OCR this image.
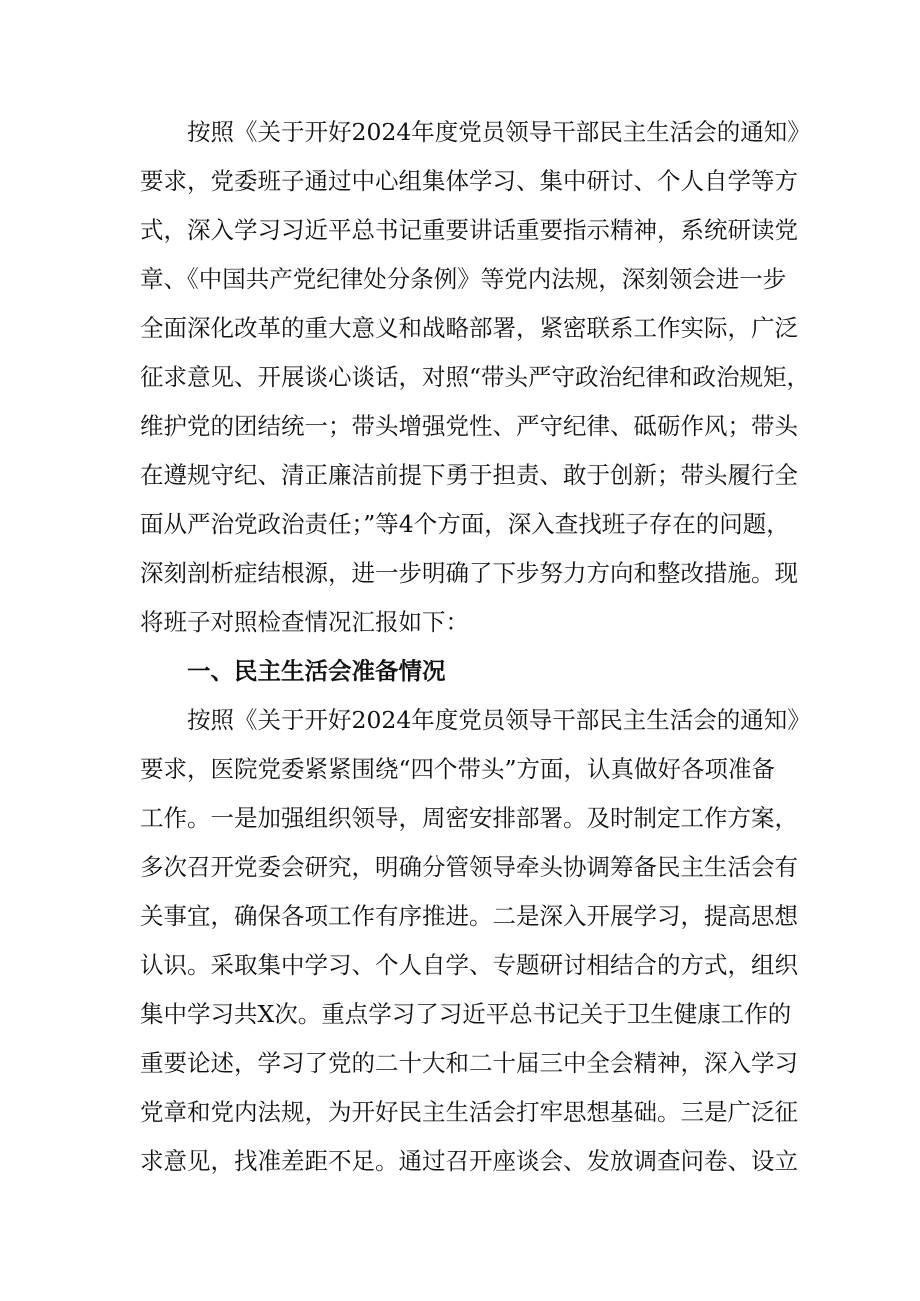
按照《关于开好2024年度党员领导干部民主生活会的通知》
要求，党委班子通过中心组集体学习、集中研讨、个人自学等方
式，深入学习习近平总书记重要讲话重要指示精神，系统研读党
章、《中国共产党纪律处分条例》等党内法规，深刻领会进一步
全面深化改革的重大意义和战略部署，紧密联系工作实际，广泛
征求意见、开展谈心谈话，对照“带头严守政治纪律和政治规矩，
维护党的团结统一；带头增强党性、严守纪律、砥砺作风；带头
在遵规守纪、清正廉洁前提下勇于担责、敢于创新；带头履行全
面从严治党政治责任；”等4个方面，深入查找班子存在的问题，
深刻剖析症结根源，进一步明确了下步努力方向和整改措施。现
将班子对照检查情况汇报如下：
一、民主生活会准备情况
按照《关于开好2024年度党员领导干部民主生活会的通知》
要求，医院党委紧紧围绕“四个带头”方面，认真做好各项准备
工作。一是加强组织领导，周密安排部署。及时制定工作方案，
多次召开党委会研究，明确分管领导牵头协调筹备民主生活会有
关事宜，确保各项工作有序推进。二是深入开展学习，提高思想
认识。采取集中学习、个人自学、专题研讨相结合的方式，组织
集中学习共X次。重点学习了习近平总书记关于卫生健康工作的
重要论述，学习了党的二十大和二十届三中全会精神，深入学习
党章和党内法规，为开好民主生活会打牢思想基础。三是广泛征
求意见，找准差距不足。通过召开座谈会、发放调查问卷、设立
